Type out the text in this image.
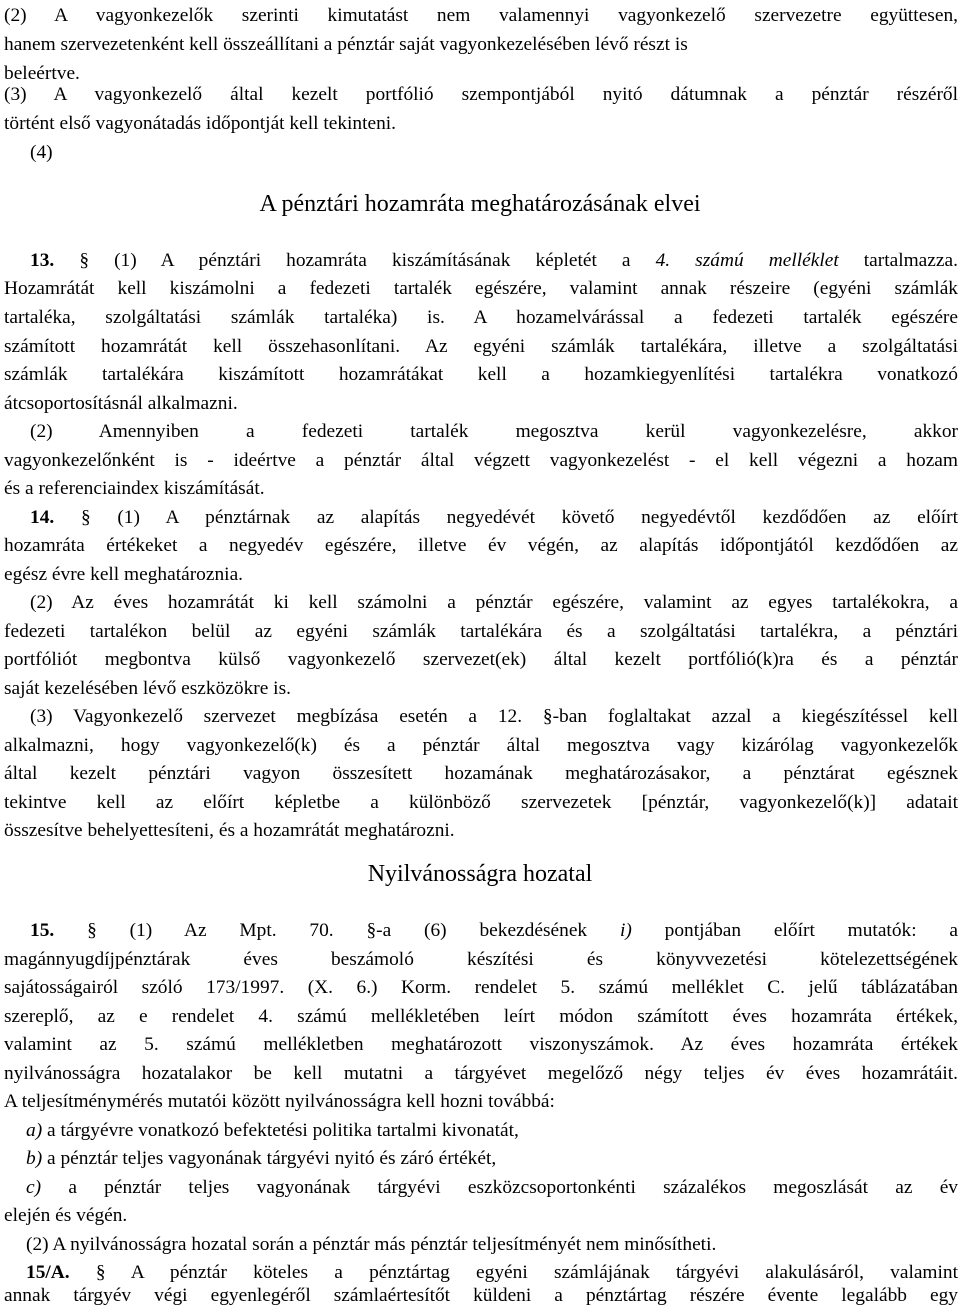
(2) A vagyonkezelők szerinti kimutatást nem valamennyi vagyonkezelő szervezetre együttesen,
hanem szervezetenként kell összeállítani a pénztár saját vagyonkezelésében lévő részt is
beleértve.
(3) A vagyonkezelő által kezelt portfólió szempontjából nyitó dátumnak a pénztár részéről
történt első vagyonátadás időpontját kell tekinteni.
(4)
A pénztári hozamráta meghatározásának elvei
13. § (1) A pénztári hozamráta kiszámításának képletét a 4. számú melléklet tartalmazza.
Hozamrátát kell kiszámolni a fedezeti tartalék egészére, valamint annak részeire (egyéni számlák
tartaléka, szolgáltatási számlák tartaléka) is. A hozamelvárással a fedezeti tartalék egészére
számított hozamrátát kell összehasonlítani. Az egyéni számlák tartalékára, illetve a szolgáltatási
számlák tartalékára kiszámított hozamrátákat kell a hozamkiegyenlítési tartalékra vonatkozó
átcsoportosításnál alkalmazni.
(2) Amennyiben a fedezeti tartalék megosztva kerül vagyonkezelésre, akkor
vagyonkezelőnként is - ideértve a pénztár által végzett vagyonkezelést - el kell végezni a hozam
és a referenciaindex kiszámítását.
14. § (1) A pénztárnak az alapítás negyedévét követő negyedévtől kezdődően az előírt
hozamráta értékeket a negyedév egészére, illetve év végén, az alapítás időpontjától kezdődően az
egész évre kell meghatároznia.
(2) Az éves hozamrátát ki kell számolni a pénztár egészére, valamint az egyes tartalékokra, a
fedezeti tartalékon belül az egyéni számlák tartalékára és a szolgáltatási tartalékra, a pénztári
portfóliót megbontva külső vagyonkezelő szervezet(ek) által kezelt portfólió(k)ra és a pénztár
saját kezelésében lévő eszközökre is.
(3) Vagyonkezelő szervezet megbízása esetén a 12. §-ban foglaltakat azzal a kiegészítéssel kell
alkalmazni, hogy vagyonkezelő(k) és a pénztár által megosztva vagy kizárólag vagyonkezelők
által kezelt pénztári vagyon összesített hozamának meghatározásakor, a pénztárat egésznek
tekintve kell az előírt képletbe a különböző szervezetek [pénztár, vagyonkezelő(k)] adatait
összesítve behelyettesíteni, és a hozamrátát meghatározni.
Nyilvánosságra hozatal
15. § (1) Az Mpt. 70. §-a (6) bekezdésének i) pontjában előírt mutatók: a
magánnyugdíjpénztárak éves beszámoló készítési és könyvvezetési kötelezettségének
sajátosságairól szóló 173/1997. (X. 6.) Korm. rendelet 5. számú melléklet C. jelű táblázatában
szereplő, az e rendelet 4. számú mellékletében leírt módon számított éves hozamráta értékek,
valamint az 5. számú mellékletben meghatározott viszonyszámok. Az éves hozamráta értékek
nyilvánosságra hozatalakor be kell mutatni a tárgyévet megelőző négy teljes év éves hozamrátáit.
A teljesítménymérés mutatói között nyilvánosságra kell hozni továbbá:
a) a tárgyévre vonatkozó befektetési politika tartalmi kivonatát,
b) a pénztár teljes vagyonának tárgyévi nyitó és záró értékét,
c) a pénztár teljes vagyonának tárgyévi eszközcsoportonkénti százalékos megoszlását az év
elején és végén.
(2) A nyilvánosságra hozatal során a pénztár más pénztár teljesítményét nem minősítheti.
15/A. § A pénztár köteles a pénztártag egyéni számlájának tárgyévi alakulásáról, valamint
annak tárgyév végi egyenlegéről számlaértesítőt küldeni a pénztártag részére évente legalább egy
